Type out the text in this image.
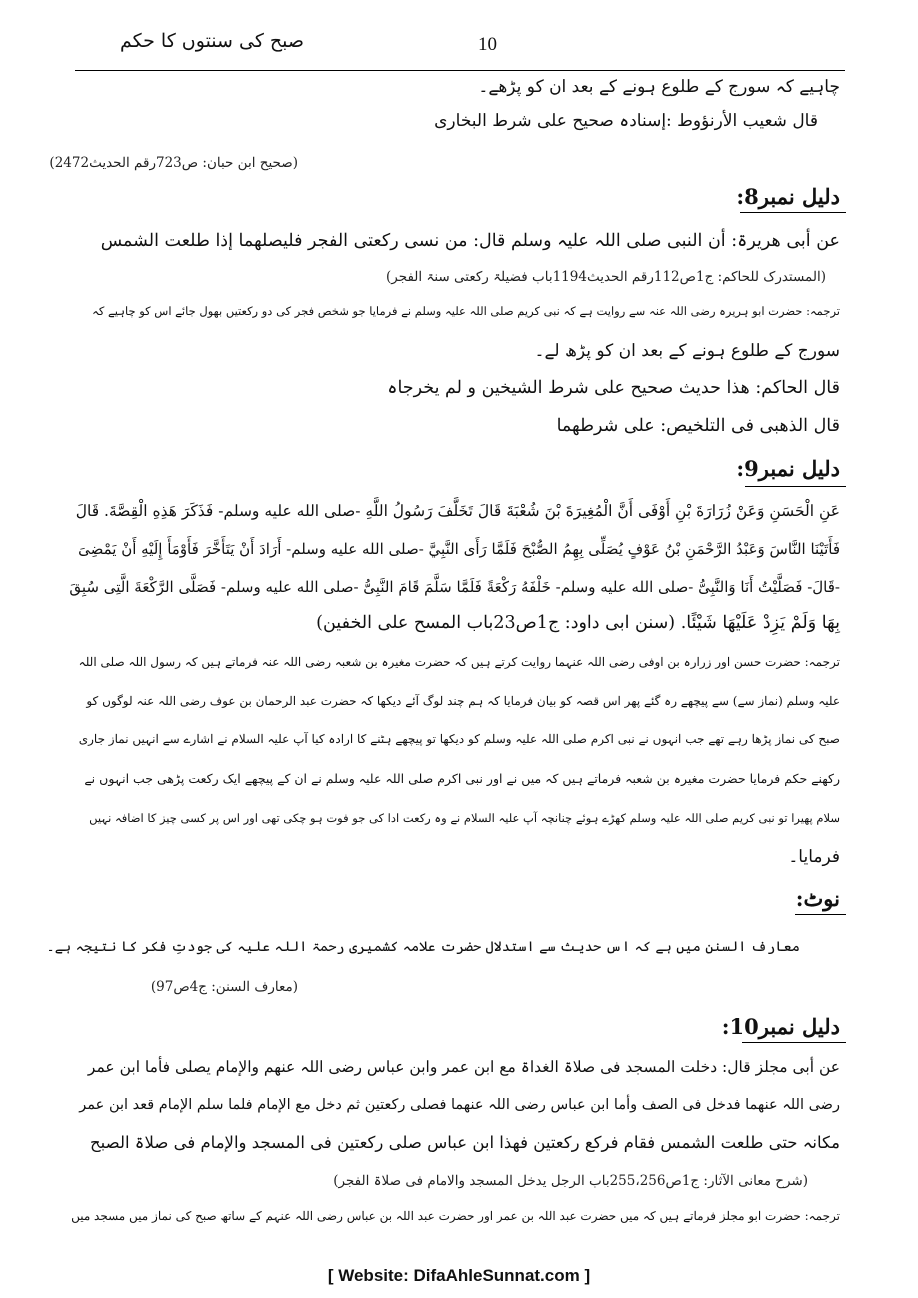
صبح کی سنتوں کا حکم	10
چاہیے کہ سورج کے طلوع ہونے کے بعد ان کو پڑھے۔
قال شعیب الأرنؤوط :إسنادہ صحیح علی شرط البخاری
(صحیح ابن حبان: ص723رقم الحدیث2472)
دلیل نمبر8:
عن أبی ھریرۃ: أن النبی صلی اللہ علیہ وسلم قال: من نسی رکعتی الفجر فلیصلھما إذا طلعت الشمس
(المستدرک للحاکم: ج1ص112رقم الحدیث1194باب فضیلۃ رکعتی سنۃ الفجر)
ترجمہ: حضرت ابو ہریرہ رضی اللہ عنہ سے روایت ہے کہ نبی کریم صلی اللہ علیہ وسلم نے فرمایا جو شخص فجر کی دو رکعتیں بھول جائے اس کو چاہیے کہ
سورج کے طلوع ہونے کے بعد ان کو پڑھ لے۔
قال الحاکم: ھذا حدیث صحیح علی شرط الشیخین و لم یخرجاہ
قال الذھبی فی التلخیص: علی شرطھما
دلیل نمبر9:
عَنِ الْحَسَنِ وَعَنْ زُرَارَةَ بْنِ أَوْفَى أَنَّ الْمُغِيرَةَ بْنَ شُعْبَةَ قَالَ تَخَلَّفَ رَسُولُ اللَّهِ -صلى الله عليه وسلم- فَذَكَرَ هَذِهِ الْقِصَّةَ. قَالَ
فَأَتَيْنَا النَّاسَ وَعَبْدُ الرَّحْمَنِ بْنُ عَوْفٍ يُصَلِّى بِهِمُ الصُّبْحَ فَلَمَّا رَأَى النَّبِيَّ -صلى الله عليه وسلم- أَرَادَ أَنْ يَتَأَخَّرَ فَأَوْمَأَ إِلَيْهِ أَنْ يَمْضِىَ
-قَالَ- فَصَلَّيْتُ أَنَا وَالنَّبِىُّ -صلى الله عليه وسلم- خَلْفَهُ رَكْعَةً فَلَمَّا سَلَّمَ قَامَ النَّبِىُّ -صلى الله عليه وسلم- فَصَلَّى الرَّكْعَةَ الَّتِى سُبِقَ
بِهَا وَلَمْ يَزِدْ عَلَيْهَا شَيْئًا. (سنن ابی داود: ج1ص23باب المسح علی الخفین)
ترجمہ: حضرت حسن اور زرارہ بن اوفی رضی اللہ عنہما روایت کرتے ہیں کہ حضرت مغیرہ بن شعبہ رضی اللہ عنہ فرماتے ہیں کہ رسول اللہ صلی اللہ
علیہ وسلم (نماز سے) سے پیچھے رہ گئے پھر اس قصہ کو بیان فرمایا کہ ہم چند لوگ آئے دیکھا کہ حضرت عبد الرحمان بن عوف رضی اللہ عنہ لوگوں کو
صبح کی نماز پڑھا رہے تھے جب انہوں نے نبی اکرم صلی اللہ علیہ وسلم کو دیکھا تو پیچھے ہٹنے کا ارادہ کیا آپ علیہ السلام نے اشارے سے انہیں نماز جاری
رکھنے حکم فرمایا حضرت مغیرہ بن شعبہ فرماتے ہیں کہ میں نے اور نبی اکرم صلی اللہ علیہ وسلم نے ان کے پیچھے ایک رکعت پڑھی جب انہوں نے
سلام پھیرا تو نبی کریم صلی اللہ علیہ وسلم کھڑے ہوئے چنانچہ آپ علیہ السلام نے وہ رکعت ادا کی جو فوت ہو چکی تھی اور اس پر کسی چیز کا اضافہ نہیں
فرمایا۔
نوٹ:
معارف السنن میں ہے کہ اس حدیث سے استدلال حضرت علامہ کشمیری رحمۃ اللہ علیہ کی جودتِ فکر کا نتیجہ ہے۔
(معارف السنن: ج4ص97)
دلیل نمبر10:
عن أبی مجلز قال: دخلت المسجد فی صلاۃ الغداۃ مع ابن عمر وابن عباس رضی اللہ عنھم والإمام یصلی فأما ابن عمر
رضی اللہ عنھما فدخل فی الصف وأما ابن عباس رضی اللہ عنھما فصلی رکعتین ثم دخل مع الإمام فلما سلم الإمام قعد ابن عمر
مکانہ حتی طلعت الشمس فقام فرکع رکعتین فھذا ابن عباس صلی رکعتین فی المسجد والإمام فی صلاۃ الصبح
(شرح معانی الآثار: ج1ص255،256باب الرجل یدخل المسجد والامام فی صلاۃ الفجر)
ترجمہ: حضرت ابو مجلز فرماتے ہیں کہ میں حضرت عبد اللہ بن عمر اور حضرت عبد اللہ بن عباس رضی اللہ عنہم کے ساتھ صبح کی نماز میں مسجد میں
[ Website: DifaAhleSunnat.com ]
